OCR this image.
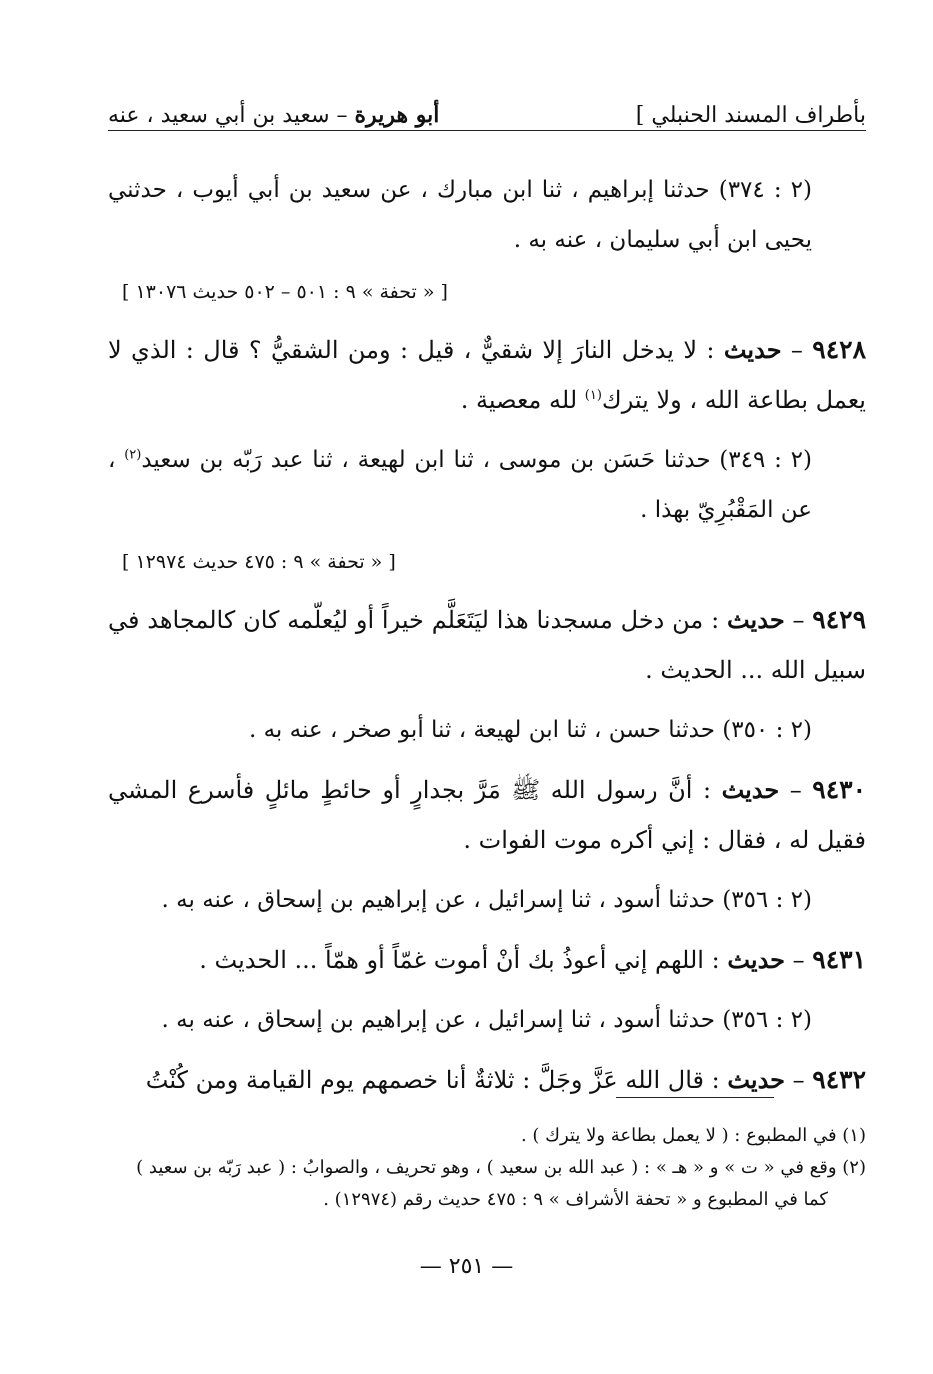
بأطراف المسند الحنبلي ]
أبو هريرة – سعيد بن أبي سعيد ، عنه

(٢ : ٣٧٤) حدثنا إبراهيم ، ثنا ابن مبارك ، عن سعيد بن أبي أيوب ، حدثني يحيى ابن أبي سليمان ، عنه به .

[ « تحفة » ٩ : ٥٠١ – ٥٠٢ حديث ١٣٠٧٦ ]

٩٤٢٨ – حديث : لا يدخل النارَ إلا شقيٌّ ، قيل : ومن الشقيُّ ؟ قال : الذي لا يعمل بطاعة الله ، ولا يترك$^{(١)}$ لله معصية .

(٢ : ٣٤٩) حدثنا حَسَن بن موسى ، ثنا ابن لهيعة ، ثنا عبد رَبّه بن سعيد$^{(٢)}$ ، عن المَقْبُرِيّ بهذا .

[ « تحفة » ٩ : ٤٧٥ حديث ١٢٩٧٤ ]

٩٤٢٩ – حديث : من دخل مسجدنا هذا ليَتَعَلَّم خيراً أو ليُعلّمه كان كالمجاهد في سبيل الله ... الحديث .

(٢ : ٣٥٠) حدثنا حسن ، ثنا ابن لهيعة ، ثنا أبو صخر ، عنه به .

٩٤٣٠ – حديث : أنَّ رسول الله ﷺ مَرَّ بجدارٍ أو حائطٍ مائلٍ فأسرع المشي فقيل له ، فقال : إني أكره موت الفوات .

(٢ : ٣٥٦) حدثنا أسود ، ثنا إسرائيل ، عن إبراهيم بن إسحاق ، عنه به .

٩٤٣١ – حديث : اللهم إني أعوذُ بك أنْ أموت غمّاً أو همّاً ... الحديث .

(٢ : ٣٥٦) حدثنا أسود ، ثنا إسرائيل ، عن إبراهيم بن إسحاق ، عنه به .

٩٤٣٢ – حديث : قال الله عَزَّ وجَلَّ : ثلاثةٌ أنا خصمهم يوم القيامة ومن كُنْتُ

(١) في المطبوع : ( لا يعمل بطاعة ولا يترك ) .

(٢) وقع في « ت » و « هـ » : ( عبد الله بن سعيد ) ، وهو تحريف ، والصوابُ : ( عبد رَبّه بن سعيد )

كما في المطبوع و « تحفة الأشراف » ٩ : ٤٧٥ حديث رقم (١٢٩٧٤) .

— ٢٥١ —
